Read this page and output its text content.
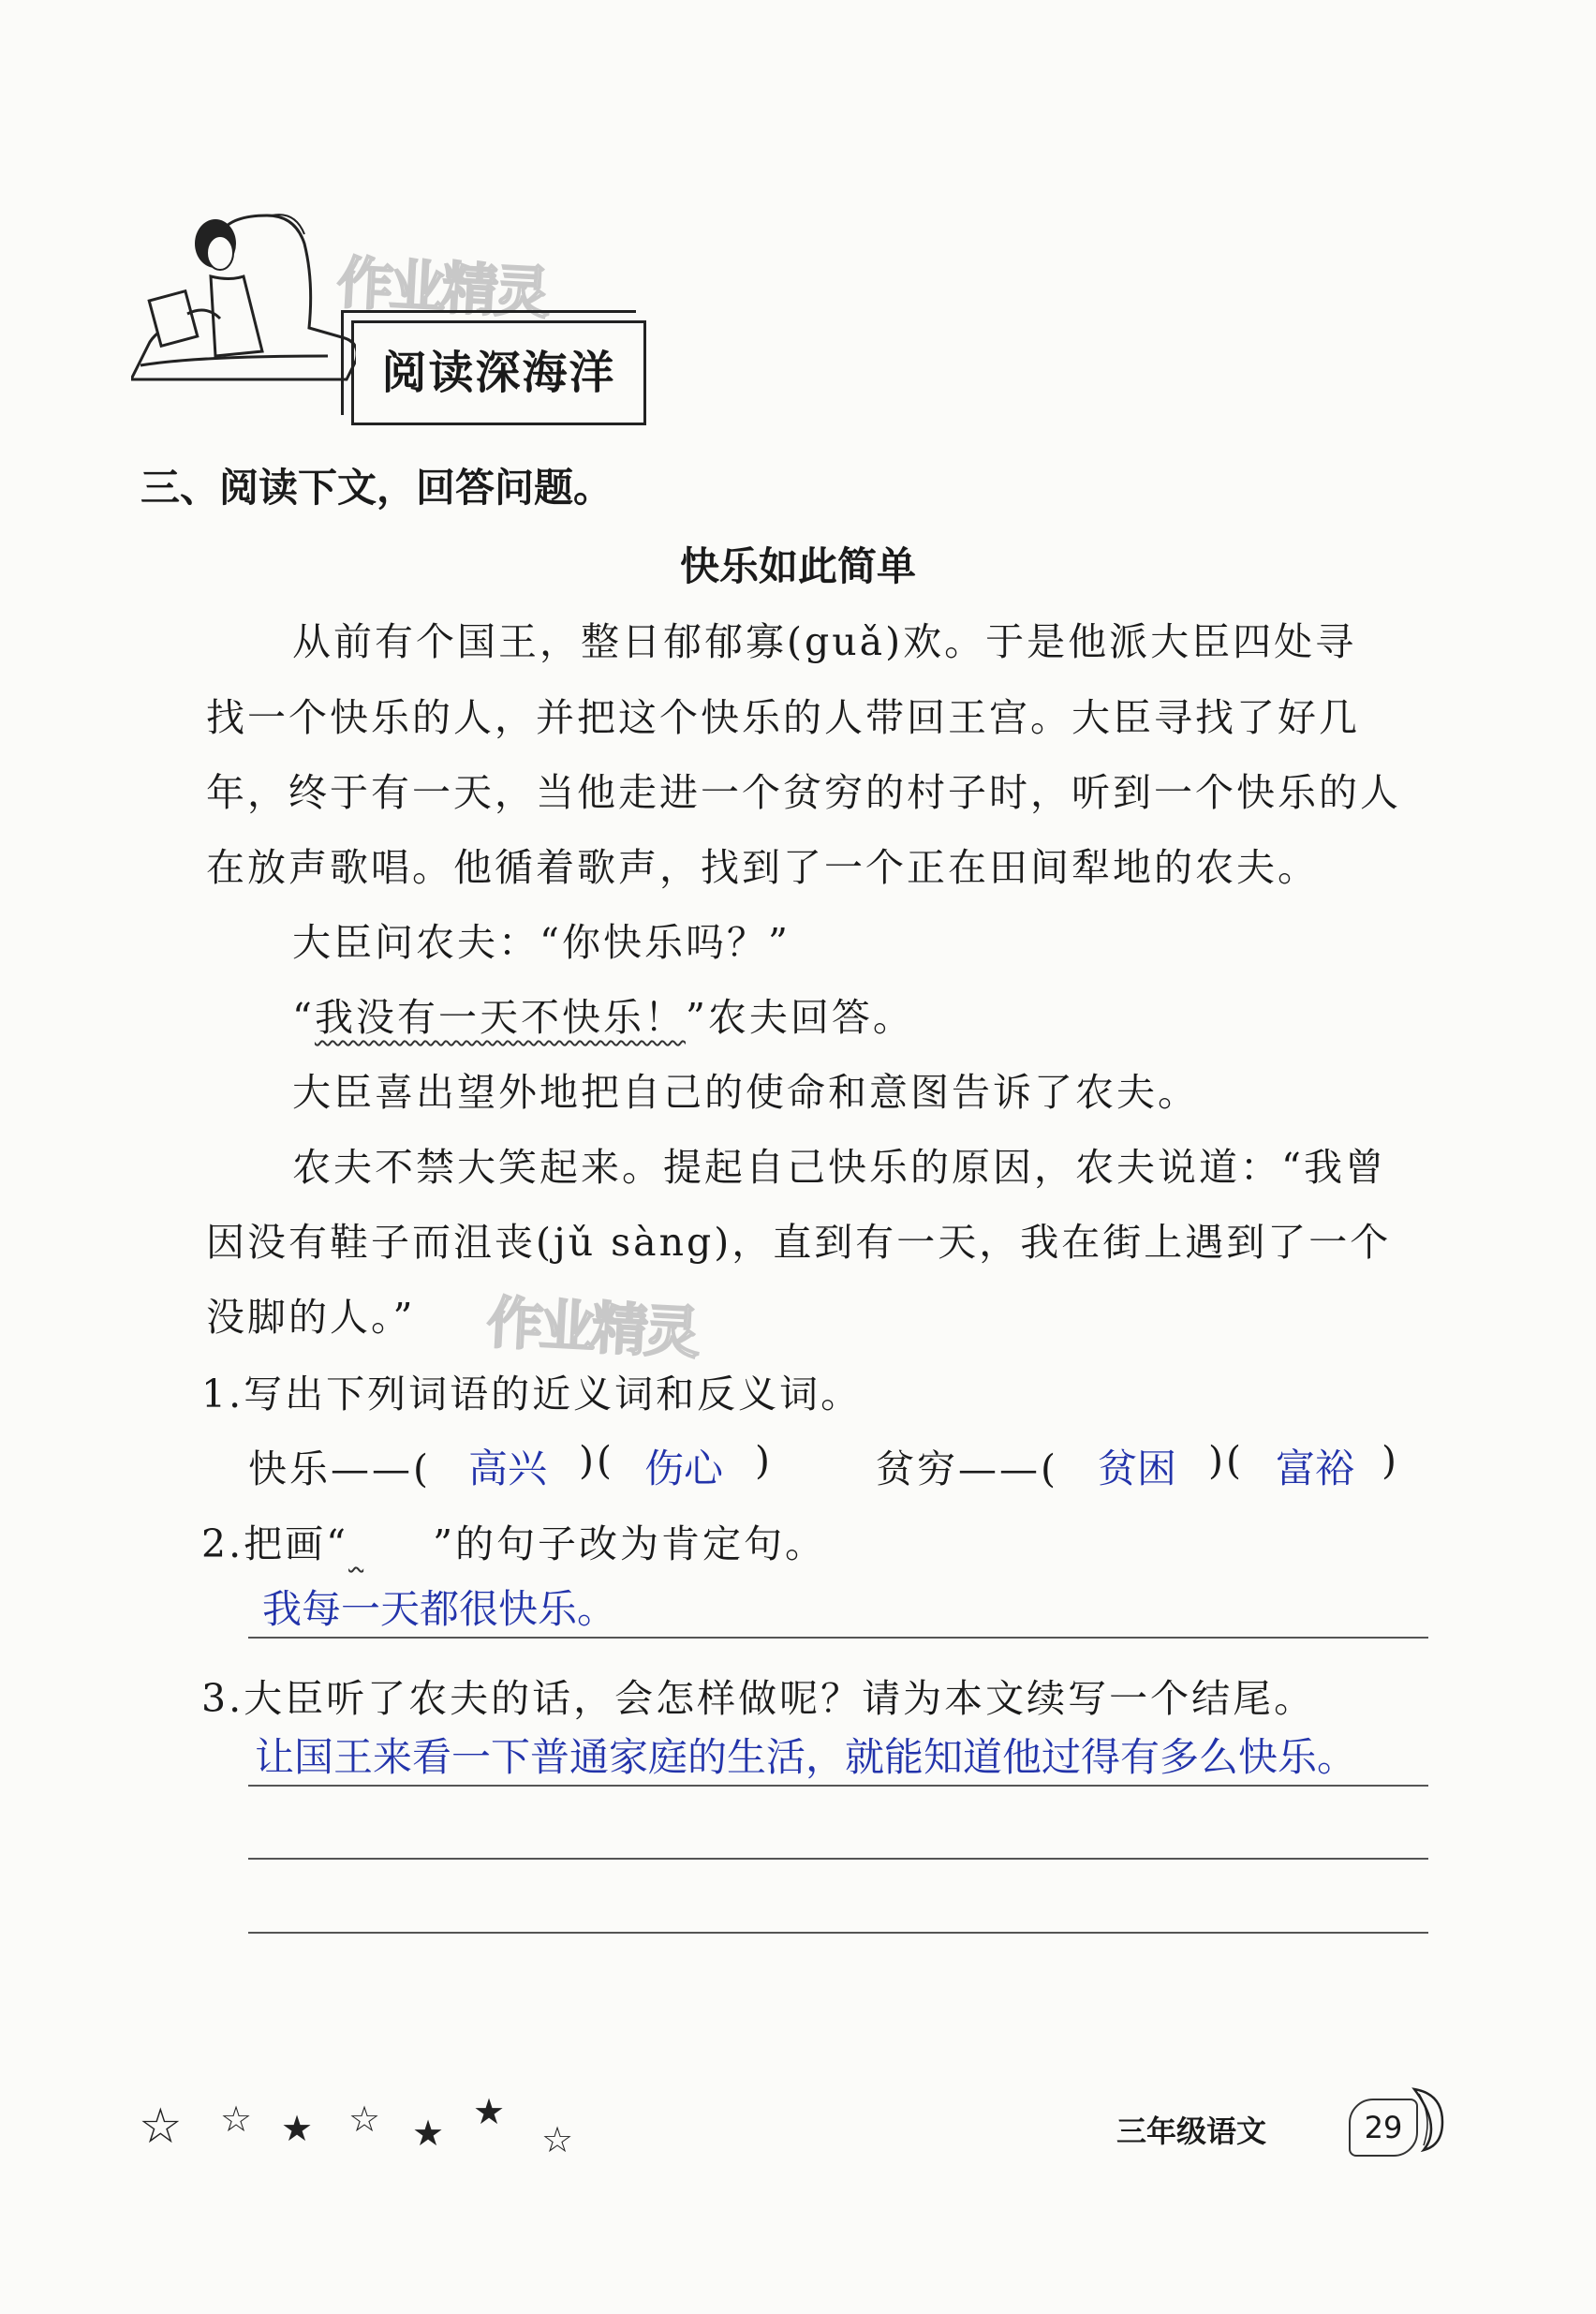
作业精灵
阅读深海洋
三、阅读下文，回答问题。
快乐如此简单
从前有个国王，整日郁郁寡(guǎ)欢。于是他派大臣四处寻
找一个快乐的人，并把这个快乐的人带回王宫。大臣寻找了好几
年，终于有一天，当他走进一个贫穷的村子时，听到一个快乐的人
在放声歌唱。他循着歌声，找到了一个正在田间犁地的农夫。
大臣问农夫：“你快乐吗？”
“我没有一天不快乐！”农夫回答。
大臣喜出望外地把自己的使命和意图告诉了农夫。
农夫不禁大笑起来。提起自己快乐的原因，农夫说道：“我曾
因没有鞋子而沮丧(jǔ sàng)，直到有一天，我在街上遇到了一个
没脚的人。” 作业精灵
1.写出下列词语的近义词和反义词。
快乐——( 高兴 )( 伤心 )	贫穷——( 贫困 )( 富裕 )
2.把画“ ”的句子改为肯定句。
我每一天都很快乐。
3.大臣听了农夫的话，会怎样做呢？请为本文续写一个结尾。
让国王来看一下普通家庭的生活，就能知道他过得有多么快乐。
☆ ☆ ★ ☆ ★
★
☆	三年级语文	29
